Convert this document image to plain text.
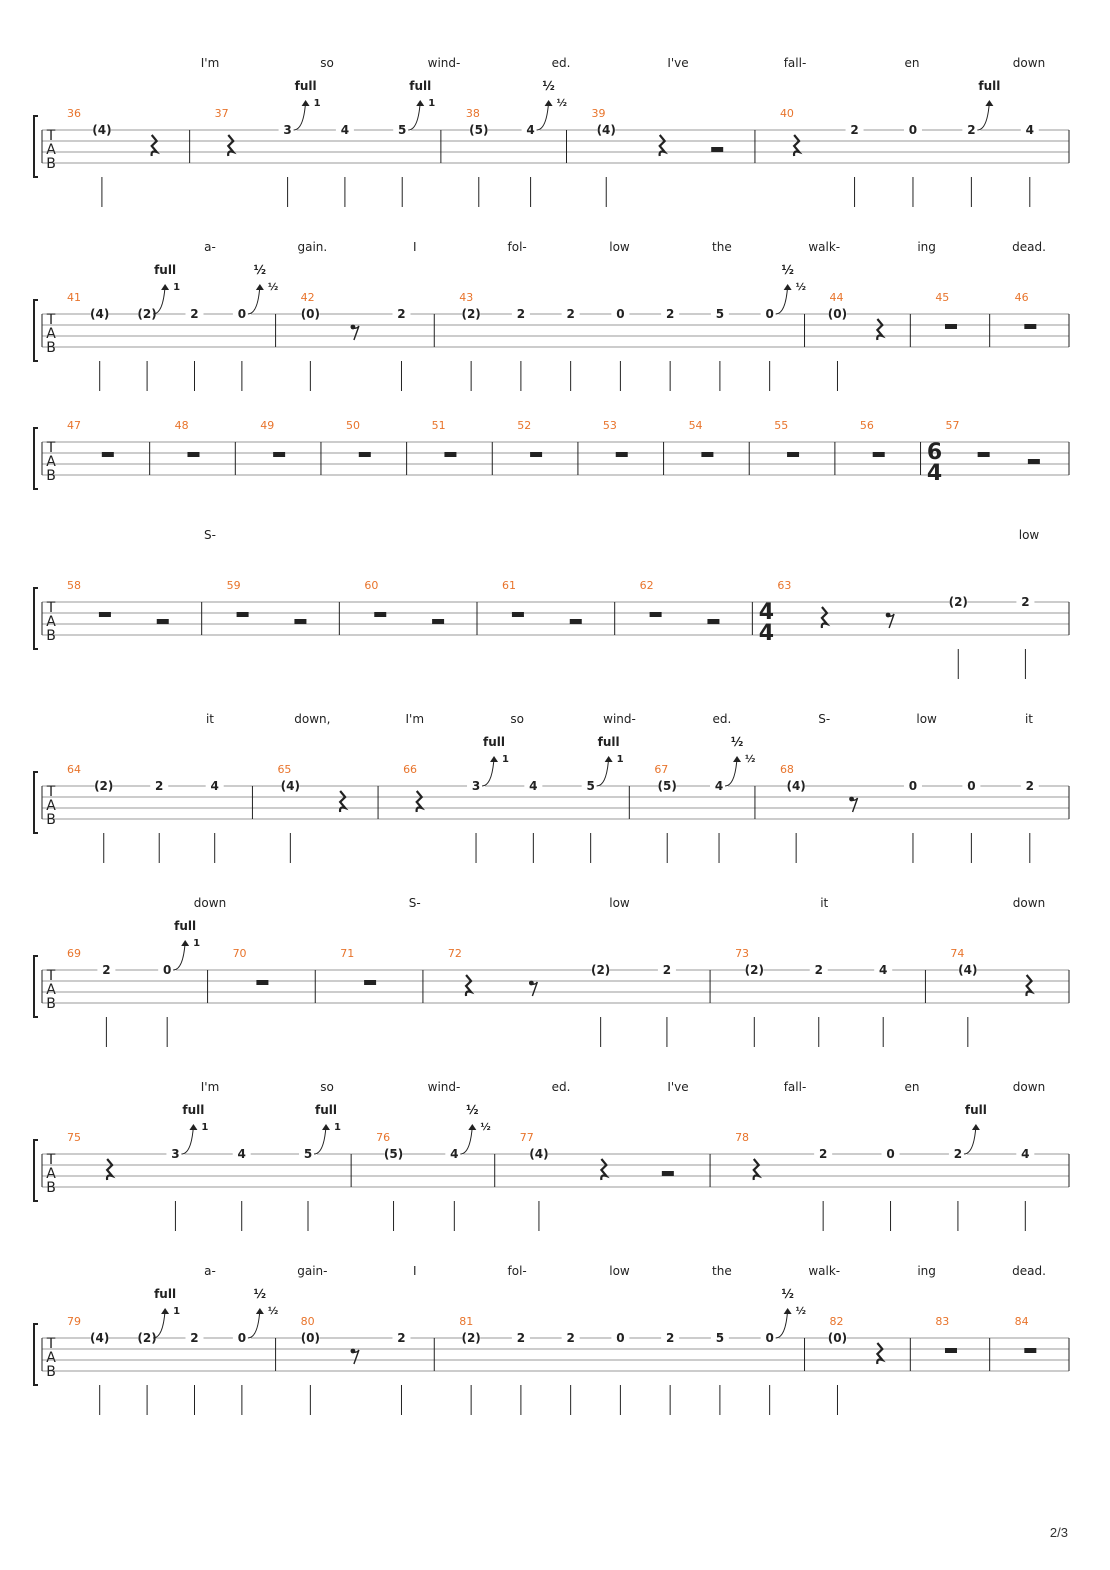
T
A
B
36
(4)
37
3
full
1
4	5
full
1
38
(5)	4
½
½
39
(4)
40
2	0	2
full
4
I'm	so	wind-	ed.	I've	fall-	en	down
T
A
B
41
(4) (2)
full
1
2	0
½
½
42
(0)	2
43
(2)	2	2	0	2	5	0
½
½
44
(0)
45	46
a-	gain.	I	fol-	low	the	walk-	ing	dead.
T
A
B
47	48	49	50	51	52	53	54	55	56	57
6
4
T
A
B
58	59	60	61	62	63
4
4
(2)	2
S-	low
T
A
B
64
(2)	2	4
65
(4)
66
3
full
1
4	5
full
1
67
(5)	4
½
½
68
(4)	0	0	2
it	down,	I'm	so	wind-	ed.	S-	low	it
T
A
B
69
2	0
full
1
70	71	72
(2)	2
73
(2)	2	4
74
(4)
down	S-	low	it	down
T
A
B
75
3
full
1
4	5
full
1
76
(5)	4
½
½
77
(4)
78
2	0	2
full
4
I'm	so	wind-	ed.	I've	fall-	en	down
T
A
B
79
(4) (2)
full
1
2	0
½
½
80
(0)	2
81
(2)	2	2	0	2	5	0
½
½
82
(0)
83	84
a-	gain-	I	fol-	low	the	walk-	ing	dead.
2/3
